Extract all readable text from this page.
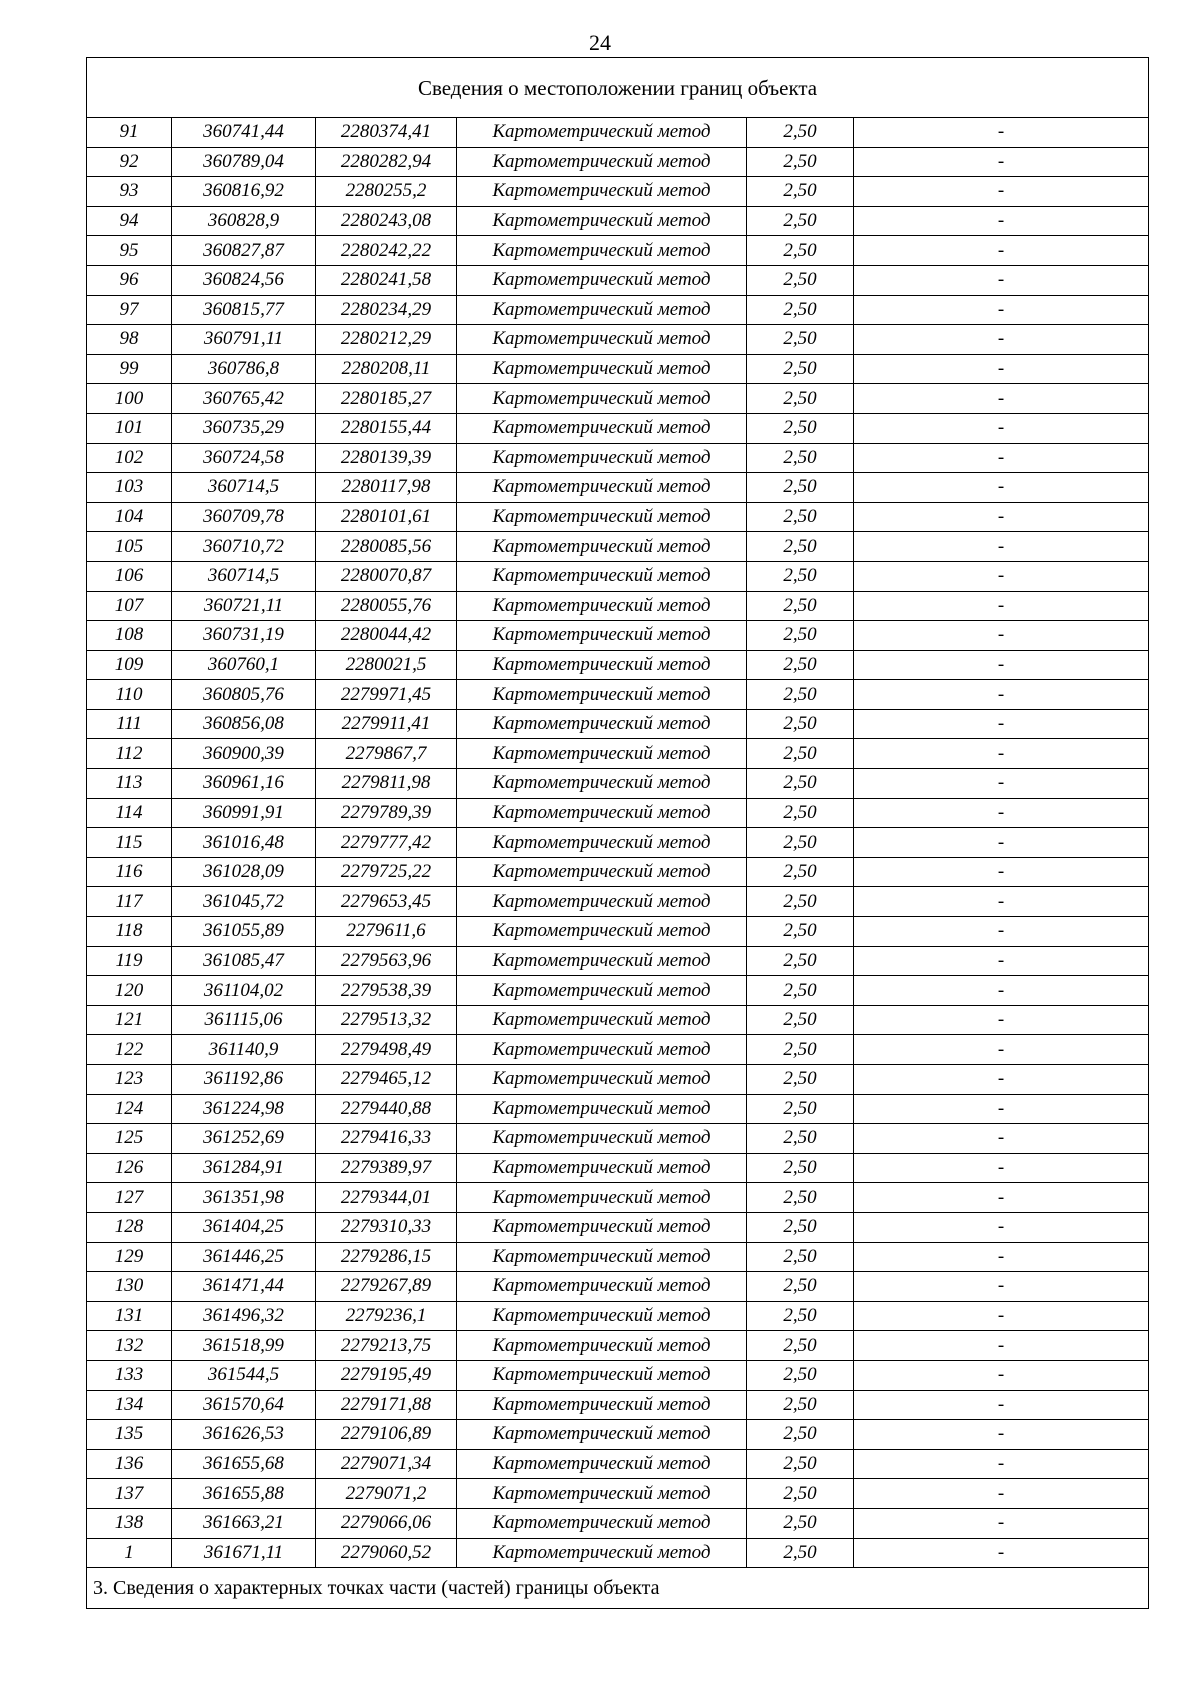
24
Сведения о местоположении границ объекта					
91	360741,44	2280374,41	Картометрический метод	2,50	-
92	360789,04	2280282,94	Картометрический метод	2,50	-
93	360816,92	2280255,2	Картометрический метод	2,50	-
94	360828,9	2280243,08	Картометрический метод	2,50	-
95	360827,87	2280242,22	Картометрический метод	2,50	-
96	360824,56	2280241,58	Картометрический метод	2,50	-
97	360815,77	2280234,29	Картометрический метод	2,50	-
98	360791,11	2280212,29	Картометрический метод	2,50	-
99	360786,8	2280208,11	Картометрический метод	2,50	-
100	360765,42	2280185,27	Картометрический метод	2,50	-
101	360735,29	2280155,44	Картометрический метод	2,50	-
102	360724,58	2280139,39	Картометрический метод	2,50	-
103	360714,5	2280117,98	Картометрический метод	2,50	-
104	360709,78	2280101,61	Картометрический метод	2,50	-
105	360710,72	2280085,56	Картометрический метод	2,50	-
106	360714,5	2280070,87	Картометрический метод	2,50	-
107	360721,11	2280055,76	Картометрический метод	2,50	-
108	360731,19	2280044,42	Картометрический метод	2,50	-
109	360760,1	2280021,5	Картометрический метод	2,50	-
110	360805,76	2279971,45	Картометрический метод	2,50	-
111	360856,08	2279911,41	Картометрический метод	2,50	-
112	360900,39	2279867,7	Картометрический метод	2,50	-
113	360961,16	2279811,98	Картометрический метод	2,50	-
114	360991,91	2279789,39	Картометрический метод	2,50	-
115	361016,48	2279777,42	Картометрический метод	2,50	-
116	361028,09	2279725,22	Картометрический метод	2,50	-
117	361045,72	2279653,45	Картометрический метод	2,50	-
118	361055,89	2279611,6	Картометрический метод	2,50	-
119	361085,47	2279563,96	Картометрический метод	2,50	-
120	361104,02	2279538,39	Картометрический метод	2,50	-
121	361115,06	2279513,32	Картометрический метод	2,50	-
122	361140,9	2279498,49	Картометрический метод	2,50	-
123	361192,86	2279465,12	Картометрический метод	2,50	-
124	361224,98	2279440,88	Картометрический метод	2,50	-
125	361252,69	2279416,33	Картометрический метод	2,50	-
126	361284,91	2279389,97	Картометрический метод	2,50	-
127	361351,98	2279344,01	Картометрический метод	2,50	-
128	361404,25	2279310,33	Картометрический метод	2,50	-
129	361446,25	2279286,15	Картометрический метод	2,50	-
130	361471,44	2279267,89	Картометрический метод	2,50	-
131	361496,32	2279236,1	Картометрический метод	2,50	-
132	361518,99	2279213,75	Картометрический метод	2,50	-
133	361544,5	2279195,49	Картометрический метод	2,50	-
134	361570,64	2279171,88	Картометрический метод	2,50	-
135	361626,53	2279106,89	Картометрический метод	2,50	-
136	361655,68	2279071,34	Картометрический метод	2,50	-
137	361655,88	2279071,2	Картометрический метод	2,50	-
138	361663,21	2279066,06	Картометрический метод	2,50	-
1	361671,11	2279060,52	Картометрический метод	2,50	-
3. Сведения о характерных точках части (частей) границы объекта					
